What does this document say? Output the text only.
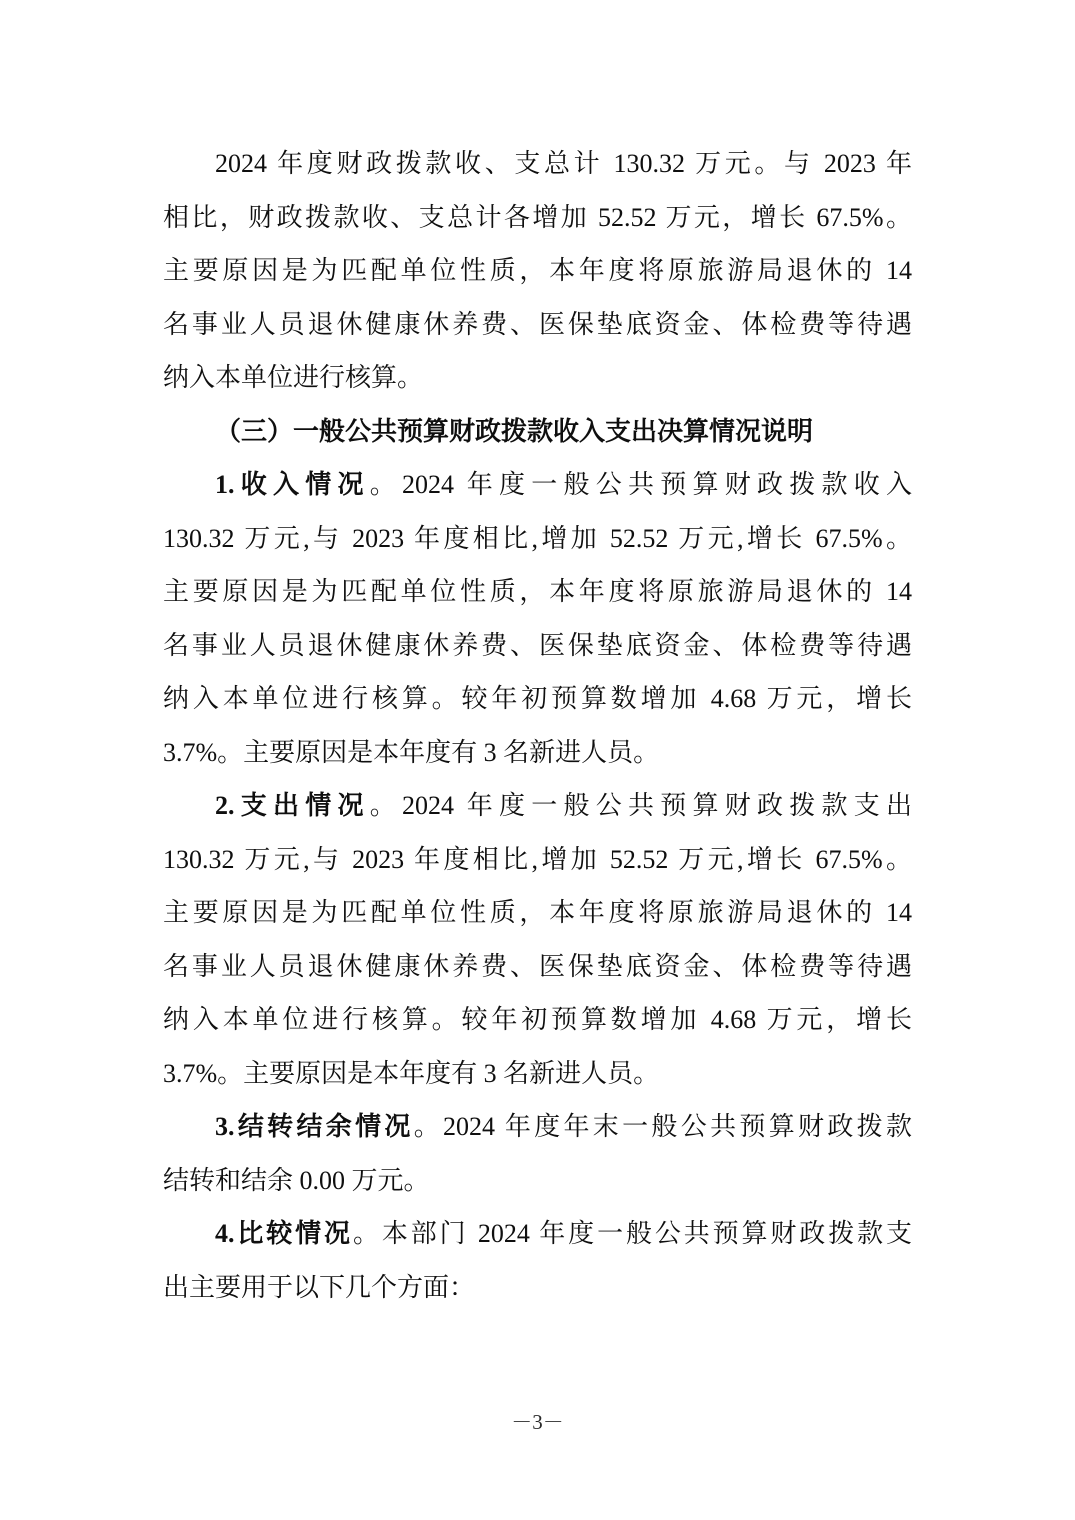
2024 年度财政拨款收、支总计 130.32 万元。与 2023 年
相比，财政拨款收、支总计各增加 52.52 万元，增长 67.5%。
主要原因是为匹配单位性质，本年度将原旅游局退休的 14
名事业人员退休健康休养费、医保垫底资金、体检费等待遇
纳入本单位进行核算。
（三）一般公共预算财政拨款收入支出决算情况说明
1.收入情况。2024 年度一般公共预算财政拨款收入
130.32 万元,与 2023 年度相比,增加 52.52 万元,增长 67.5%。
主要原因是为匹配单位性质，本年度将原旅游局退休的 14
名事业人员退休健康休养费、医保垫底资金、体检费等待遇
纳入本单位进行核算。较年初预算数增加 4.68 万元，增长
3.7%。主要原因是本年度有 3 名新进人员。
2.支出情况。2024 年度一般公共预算财政拨款支出
130.32 万元,与 2023 年度相比,增加 52.52 万元,增长 67.5%。
主要原因是为匹配单位性质，本年度将原旅游局退休的 14
名事业人员退休健康休养费、医保垫底资金、体检费等待遇
纳入本单位进行核算。较年初预算数增加 4.68 万元，增长
3.7%。主要原因是本年度有 3 名新进人员。
3.结转结余情况。2024 年度年末一般公共预算财政拨款
结转和结余 0.00 万元。
4.比较情况。本部门 2024 年度一般公共预算财政拨款支
出主要用于以下几个方面：
－3－
